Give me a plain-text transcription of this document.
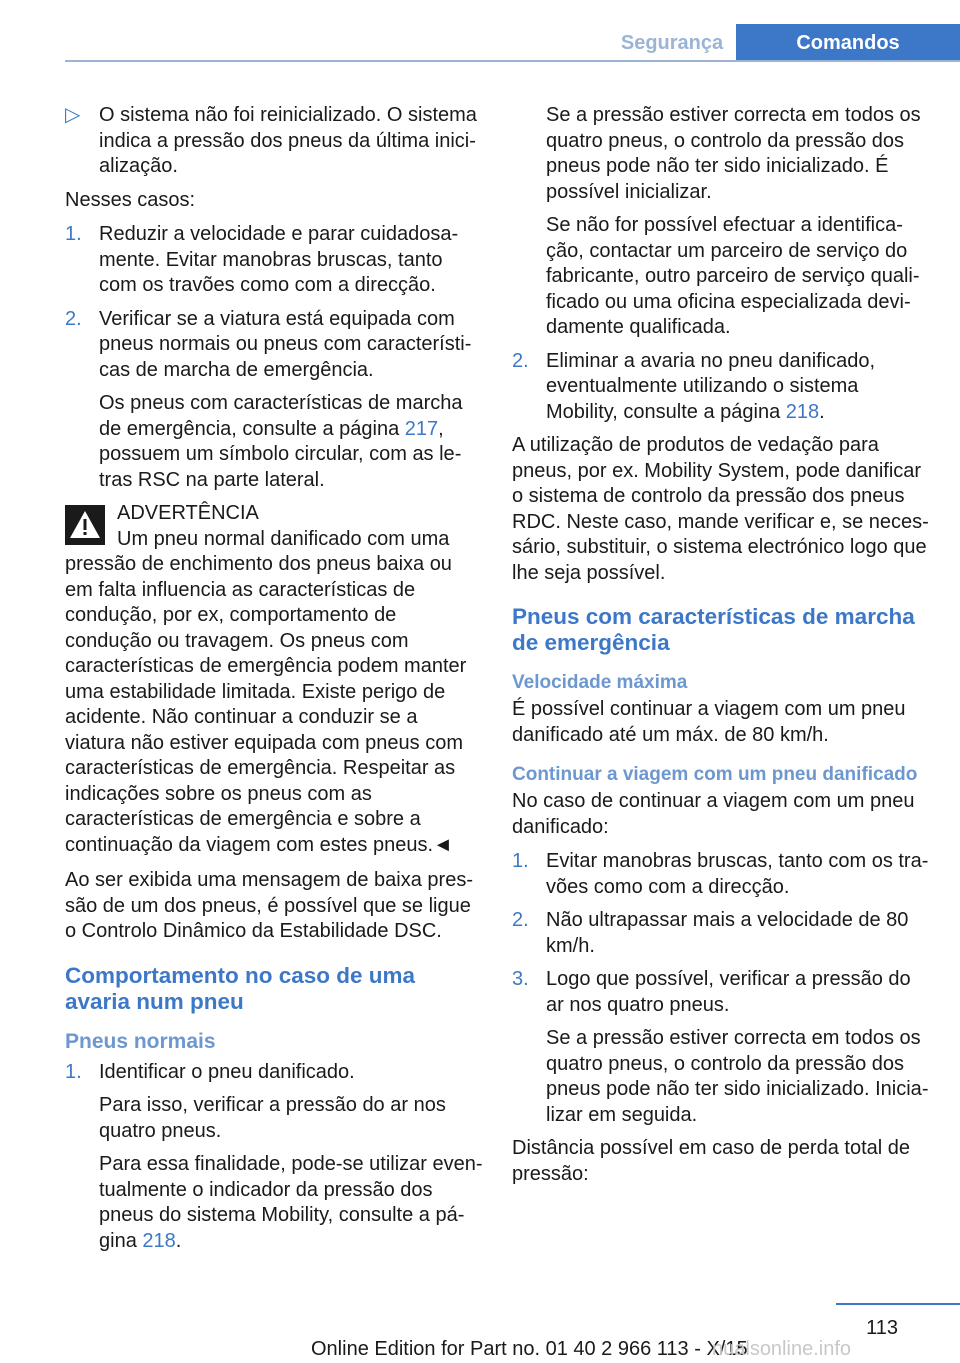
Segurança	Comandos
▷ O sistema não foi reinicializado. O sistema indica a pressão dos pneus da última inicialização.

Nesses casos:

1. Reduzir a velocidade e parar cuidadosamente. Evitar manobras bruscas, tanto com os travões como com a direcção.

2. Verificar se a viatura está equipada com pneus normais ou pneus com características de marcha de emergência.

Os pneus com características de marcha de emergência, consulte a página 217, possuem um símbolo circular, com as letras RSC na parte lateral.

ADVERTÊNCIA
Um pneu normal danificado com uma
pressão de enchimento dos pneus baixa ou em falta influencia as características de condução, por ex, comportamento de condução ou travagem. Os pneus com características de emergência podem manter uma estabilidade limitada. Existe perigo de acidente. Não continuar a conduzir se a viatura não estiver equipada com pneus com características de emergência. Respeitar as indicações sobre os pneus com as características de emergência e sobre a continuação da viagem com estes pneus.◄

Ao ser exibida uma mensagem de baixa pressão de um dos pneus, é possível que se ligue o Controlo Dinâmico da Estabilidade DSC.

Comportamento no caso de uma avaria num pneu
Pneus normais
1. Identificar o pneu danificado.

Para isso, verificar a pressão do ar nos quatro pneus.

Para essa finalidade, pode-se utilizar eventualmente o indicador da pressão dos pneus do sistema Mobility, consulte a página 218.

Se a pressão estiver correcta em todos os quatro pneus, o controlo da pressão dos pneus pode não ter sido inicializado. É possível inicializar.

Se não for possível efectuar a identificação, contactar um parceiro de serviço do fabricante, outro parceiro de serviço qualificado ou uma oficina especializada devidamente qualificada.

2. Eliminar a avaria no pneu danificado, eventualmente utilizando o sistema Mobility, consulte a página 218.

A utilização de produtos de vedação para pneus, por ex. Mobility System, pode danificar o sistema de controlo da pressão dos pneus RDC. Neste caso, mande verificar e, se necessário, substituir, o sistema electrónico logo que lhe seja possível.

Pneus com características de marcha de emergência
Velocidade máxima

É possível continuar a viagem com um pneu danificado até um máx. de 80 km/h.

Continuar a viagem com um pneu danificado

No caso de continuar a viagem com um pneu danificado:

1. Evitar manobras bruscas, tanto com os travões como com a direcção.

2. Não ultrapassar mais a velocidade de 80 km/h.

3. Logo que possível, verificar a pressão do ar nos quatro pneus.

Se a pressão estiver correcta em todos os quatro pneus, o controlo da pressão dos pneus pode não ter sido inicializado. Inicializar em seguida.

Distância possível em caso de perda total de pressão:

113
Online Edition for Part no. 01 40 2 966 113 - X/15
nualsonline.info
